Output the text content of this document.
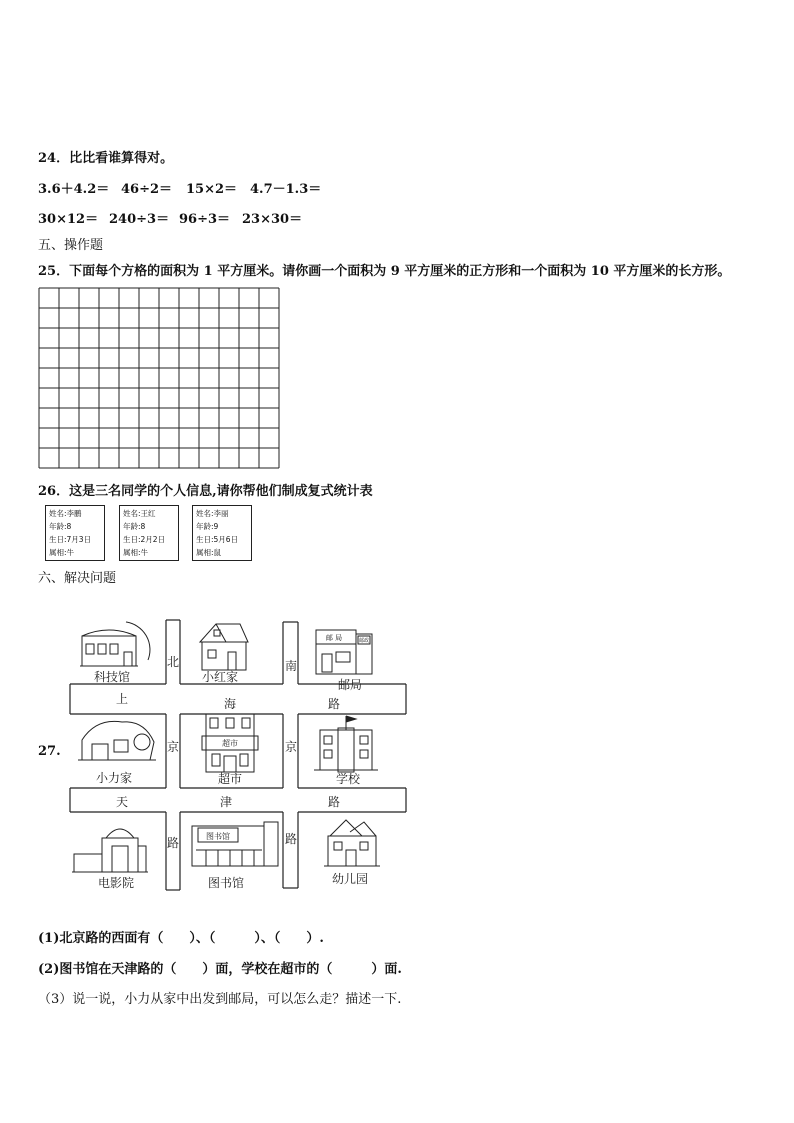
24．比比看谁算得对。
3.6＋4.2＝ 46÷2＝ 15×2＝ 4.7－1.3＝
30×12＝ 240÷3＝ 96÷3＝ 23×30＝
五、操作题
25．下面每个方格的面积为 1 平方厘米。请你画一个面积为 9 平方厘米的正方形和一个面积为 10 平方厘米的长方形。
26．这是三名同学的个人信息,请你帮他们制成复式统计表
姓名:李鹏
年龄:8
生日:7月3日
属相:牛
姓名:王红
年龄:8
生日:2月2日
属相:牛
姓名:李丽
年龄:9
生日:5月6日
属相:鼠
六、解决问题
27.
北
京
路
南
京
路
上	海	路
天	津	路
邮 局	邮政
超市
图书馆
科技馆	小红家
邮局
小力家	超市	学校
电影院	图书馆	幼儿园
(1)北京路的西面有（　　）、（　　　）、（　　）.
(2)图书馆在天津路的（　　）面，学校在超市的（　　　）面.
（3）说一说，小力从家中出发到邮局，可以怎么走？描述一下.
